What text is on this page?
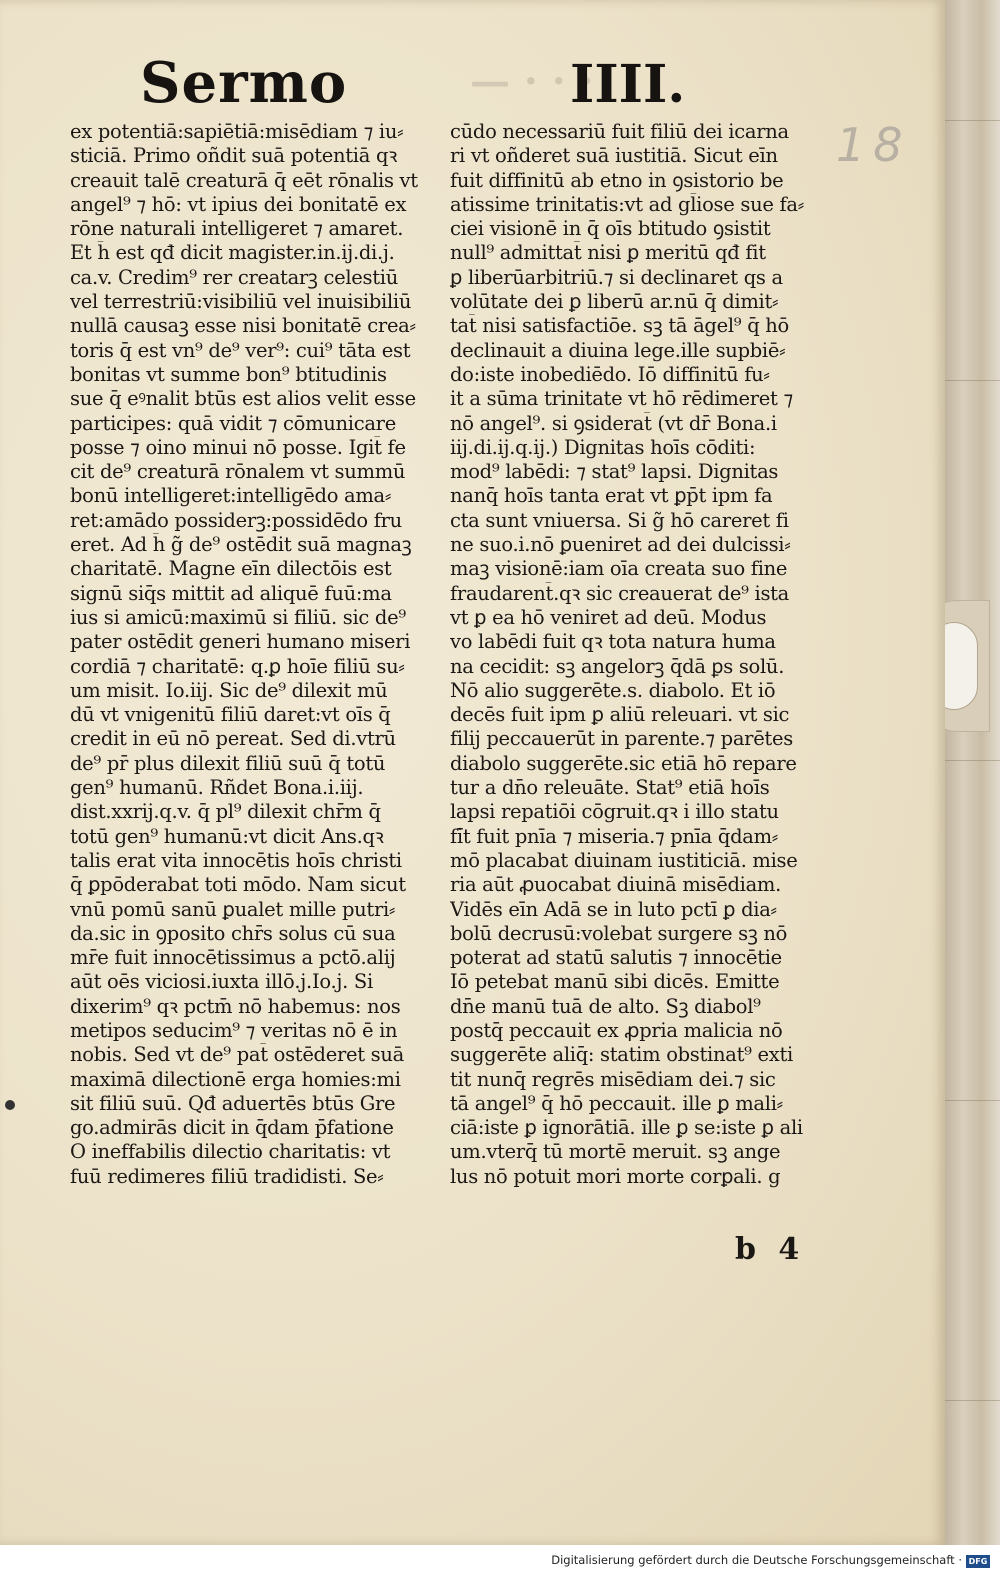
Sermo	— · · ·
IIII.
18
ex potentiā:sapiētiā:misēdiam ⁊ iu⸗
sticiā. Primo oñdit suā potentiā qꝛ
creauit talē creaturā q̄ eēt rōnalis vt
angel⁹ ⁊ hō: vt ipius dei bonitatē ex
rōne naturali intelligeret ⁊ amaret.
Et h̄ est qđ dicit magister.in.ij.di.j.
ca.v. Credim⁹ rer creatarꝫ celestiū
vel terrestriū:visibiliū vel inuisibiliū
nullā causaꝫ esse nisi bonitatē crea⸗
toris q̄ est vn⁹ de⁹ ver⁹: cui⁹ tāta est
bonitas vt summe bon⁹ btitudinis
sue q̄ eꝰnalit btūs est alios velit esse
participes: quā vidit ⁊ cōmunicare
posse ⁊ oino minui nō posse. Igit̄ fe
cit de⁹ creaturā rōnalem vt summū
bonū intelligeret:intelligēdo ama⸗
ret:amādo possiderꝫ:possidēdo fru
eret. Ad h̄ g̃ de⁹ ostēdit suā magnaꝫ
charitatē. Magne eīn dilectōis est
signū siq̄s mittit ad aliquē fuū:ma
ius si amicū:maximū si filiū. sic de⁹
pater ostēdit generi humano miseri
cordiā ⁊ charitatē: q.ꝑ hoīe filiū su⸗
um misit. Io.iij. Sic de⁹ dilexit mū
dū vt vnigenitū filiū daret:vt oīs q̄
credit in eū nō pereat. Sed di.vtrū
de⁹ pr̄ plus dilexit filiū suū q̄ totū
gen⁹ humanū. Rñdet Bona.i.iij.
dist.xxrij.q.v. q̄ pl⁹ dilexit chr̄m q̄
totū gen⁹ humanū:vt dicit Ans.qꝛ
talis erat vita innocētis hoīs christi
q̄ ꝑpōderabat toti mōdo. Nam sicut
vnū pomū sanū ꝑualet mille putri⸗
da.sic in ꝯposito chr̄s solus cū sua
mr̄e fuit innocētissimus a pctō.alij
aūt oēs viciosi.iuxta illō.j.Io.j. Si
dixerim⁹ qꝛ pctm̄ nō habemus: nos
metipos seducim⁹ ⁊ veritas nō ē in
nobis. Sed vt de⁹ pat̄ ostēderet suā
maximā dilectionē erga homies:mi
sit filiū suū. Qđ aduertēs btūs Gre
go.admirās dicit in q̄dam p̄fatione
O ineffabilis dilectio charitatis: vt
fuū redimeres filiū tradidisti. Se⸗
cūdo necessariū fuit filiū dei icarna
ri vt oñderet suā iustitiā. Sicut eīn
fuit diffinitū ab etno in ꝯsistorio be
atissime trinitatis:vt ad gl̄iose sue fa⸗
ciei visionē in q̄ oīs btitudo ꝯsistit
null⁹ admittat̄ nisi ꝑ meritū qđ fit
ꝑ liberūarbitriū.⁊ si declinaret qs a
volūtate dei ꝑ liberū ar.nū q̄ dimit⸗
tat̄ nisi satisfactiōe. sꝫ tā āgel⁹ q̄ hō
declinauit a diuina lege.ille supbiē⸗
do:iste inobediēdo. Iō diffinitū fu⸗
it a sūma trinitate vt hō rēdimeret ⁊
nō angel⁹. si ꝯsiderat̄ (vt dr̄ Bona.i
iij.di.ij.q.ij.) Dignitas hoīs cōditi:
mod⁹ labēdi: ⁊ stat⁹ lapsi. Dignitas
nanq̄ hoīs tanta erat vt ꝑp̄t ipm fa
cta sunt vniuersa. Si g̃ hō careret fi
ne suo.i.nō ꝑueniret ad dei dulcissi⸗
maꝫ visionē:iam oīa creata suo fine
fraudarent̄.qꝛ sic creauerat de⁹ ista
vt ꝑ ea hō veniret ad deū. Modus
vo labēdi fuit qꝛ tota natura huma
na cecidit: sꝫ angelorꝫ q̄dā ꝑs solū.
Nō alio suggerēte.s. diabolo. Et iō
decēs fuit ipm ꝑ aliū releuari. vt sic
filij peccauerūt in parente.⁊ parētes
diabolo suggerēte.sic etiā hō repare
tur a dn̄o releuāte. Stat⁹ etiā hoīs
lapsi repatiōi cōgruit.qꝛ i illo statu
fi̇̄t fuit pnīa ⁊ miseria.⁊ pnīa q̄dam⸗
mō placabat diuinam iustiticiā. mise
ria aūt ꝓuocabat diuinā misēdiam.
Vidēs eīn Adā se in luto pctī ꝑ dia⸗
bolū decrusū:volebat surgere sꝫ nō
poterat ad statū salutis ⁊ innocētie
Iō petebat manū sibi dicēs. Emitte
dn̄e manū tuā de alto. Sꝫ diabol⁹
postq̄ peccauit ex ꝓpria malicia nō
suggerēte aliq̄: statim obstinat⁹ exti
tit nunq̄ regrēs misēdiam dei.⁊ sic
tā angel⁹ q̄ hō peccauit. ille ꝑ mali⸗
ciā:iste ꝑ ignorātiā. ille ꝑ se:iste ꝑ ali
um.vterq̄ tū mortē meruit. sꝫ ange
lus nō potuit mori morte corꝑali. g
b 4
Digitalisierung gefördert durch die Deutsche Forschungsgemeinschaft · DFG
